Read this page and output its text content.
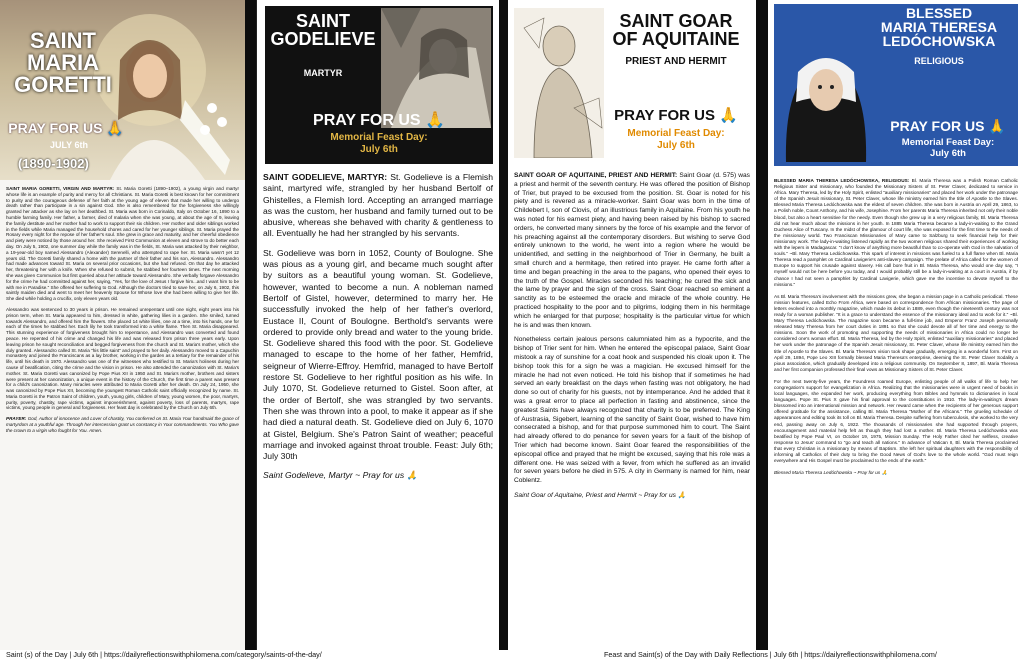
SAINT
MARIA
GORETTI
PRAY FOR US 🙏
JULY 6th
(1890-1902)

SAINT MARIA GORETTI, VIRGIN AND MARTYR: St. Maria Goretti (1890–1902), a young virgin and martyr whose life is an example of purity and mercy for all Christians. St. Maria Goretti is best known for her commitment to purity and the courageous defense of her faith at the young age of eleven that made her willing to undergo death rather than participate in a sin against God. She is also remembered for the forgiveness she willingly granted her attacker as she lay on her deathbed. St. Maria was born in Corinaldo, Italy on October 16, 1890 to a humble farming family. Her father, a farmer, died of malaria when she was young, at about the age of 9, leaving the family destitute and her mother had to work to support their six children. Her mother and older siblings worked in the fields while Maria managed the household chores and cared for her younger siblings. St. Maria prayed the Rosary every night for the repose of her father's soul. She grew in grace and maturity, and her cheerful obedience and piety were noticed by those around her. She received First Communion at eleven and strove to do better each day. On July 5, 1902, one summer day while the family was in the fields, St. Maria was attacked by their neighbor, a 19-year-old boy named Alessandro (Alexander) Serenelli, who attempted to rape her. St. Maria wasn't yet 12 years old. The Goretti family shared a home with the partner of their father and his son, Alessandro. Alessandro had made advances toward St. Maria on several prior occasions, but she had refused. On that day he attacked her, threatening her with a knife. When she refused to submit, he stabbed her fourteen times. The next morning she was given Communion but first queried about her attitude toward Alessandro. She verbally forgave Alessandro for the crime he had committed against her, saying, "Yes, for the love of Jesus I forgive him...and I want him to be with me in Paradise." She offered her suffering to God. Although the doctors tried to save her, on July 6, 1902, this saintly maiden died and went to meet her heavenly Spouse for Whose love she had been willing to give her life. She died while holding a crucifix, only eleven years old.

Alessandro was sentenced to 30 years in prison. He remained unrepentant until one night, eight years into his prison term, when St. Maria appeared to him, dressed in white, gathering lilies in a garden. She smiled, turned towards Alessandro, and offered him the flowers. She placed 14 white lilies, one at a time, into his hands, one for each of the times he stabbed her. Each lily he took transformed into a white flame. Then St. Maria disappeared. This stunning experience of forgiveness brought him to repentance, and Alessandro was converted and found peace. He repented of his crime and changed his life and was released from prison three years early. Upon leaving prison he sought reconciliation and begged forgiveness from the church and St. Maria's mother, which she duly granted. Alessandro called St. Maria "his little saint" and prayed to her daily. Alessandro moved to a Capuchin monastery and joined the Franciscans as a lay brother, working in the garden as a tertiary for the remainder of his life, until his death in 1970. Alessandro was one of the witnesses who testified to St. Maria's holiness during her cause of beatification, citing the crime and the vision in prison. He also attended the canonization with St. Maria's mother. St. Maria Goretti was canonized by Pope Pius XII in 1950 and St. Maria's mother, brothers and sisters were present at her canonization, a unique event in the history of the Church, the first time a parent was present for a child's canonization. Many miracles were attributed to Maria Goretti after her death. On July 24, 1950, she was canonized by Pope Pius XII, becoming the youngest Roman Catholic saint officially recognized by name. St. Maria Goretti is the Patron Saint of children, youth, young girls, children of Mary, young women, the poor, martyrs, purity, poverty, chastity, rape victims, against impoverishment, against poverty, loss of parents, martyrs, rape victims, young people in general and forgiveness. Her feast day is celebrated by the Church on July 6th.

PRAYER: God, Author of innocence and Lover of chastity, You conferred on St. Maria Your handmaid the grace of martyrdom at a youthful age. Through her intercession grant us constancy in Your commandments. You Who gave the crown to a virgin who fought for You. Amen.

SAINT
GODELIEVE
MARTYR
PRAY FOR US 🙏
Memorial Feast Day:
July 6th

SAINT GODELIEVE, MARTYR: St. Godelieve is a Flemish saint, martyred wife, strangled by her husband Bertolf of Ghistelles, a Flemish lord. Accepting an arranged marriage as was the custom, her husband and family turned out to be abusive, whereas she behaved with charity & gentleness to all. Eventually he had her strangled by his servants.

St. Godelieve was born in 1052, County of Boulogne. She was pious as a young girl, and became much sought after by suitors as a beautiful young woman. St. Godelieve, however, wanted to become a nun. A nobleman named Bertolf of Gistel, however, determined to marry her. He successfully invoked the help of her father's overlord, Eustace II, Count of Boulogne. Berthold's servants were ordered to provide only bread and water to the young bride. St. Godelieve shared this food with the poor. St. Godelieve managed to escape to the home of her father, Hemfrid, seigneur of Wierre-Effroy. Hemfrid, managed to have Bertolf restore St. Godelieve to her rightful position as his wife. In July 1070, St. Godelieve returned to Gistel. Soon after, at the order of Bertolf, she was strangled by two servants. Then she was thrown into a pool, to make it appear as if she had died a natural death. St. Godelieve died on July 6, 1070 at Gistel, Belgium. She's Patron Saint of weather; peaceful marriage and invoked against throat trouble. Feast: July 6th; July 30th

Saint Godelieve, Martyr ~ Pray for us 🙏

SAINT GOAR
OF AQUITAINE
PRIEST AND HERMIT
PRAY FOR US 🙏
Memorial Feast Day:
July 6th

SAINT GOAR OF AQUITAINE, PRIEST AND HERMIT: Saint Goar (d. 575) was a priest and hermit of the seventh century. He was offered the position of Bishop of Trier, but prayed to be excused from the position. St. Goar is noted for his piety and is revered as a miracle-worker. Saint Goar was born in the time of Childebert I, son of Clovis, of an illustrious family in Aquitaine. From his youth he was noted for his earnest piety, and having been raised by his bishop to sacred orders, he converted many sinners by the force of his example and the fervor of his preaching against all the contemporary disorders. But wishing to serve God entirely unknown to the world, he went into a region where he would be unidentified, and settling in the neighborhood of Trier in Germany, he built a small church and a hermitage, then retired into prayer. He came forth after a time and began preaching in the area to the pagans, who opened their eyes to the truth of the Gospel. Miracles seconded his teaching; he cured the sick and the lame by prayer and the sign of the cross. Saint Goar reached so eminent a sanctity as to be esteemed the oracle and miracle of the whole country. He practiced hospitality to the poor and to pilgrims, lodging them in his hermitage which he enlarged for that purpose; hospitality is the particular virtue for which he is and was then known.

Nonetheless certain jealous persons calumniated him as a hypocrite, and the bishop of Trier sent for him. When he entered the episcopal palace, Saint Goar mistook a ray of sunshine for a coat hook and suspended his cloak upon it. The bishop took this for a sign he was a magician. He excused himself for the miracle he had not even noticed. He told his bishop that if sometimes he had served an early breakfast on the days when fasting was not obligatory, he had done so out of charity for his guests, not by intemperance. And he added that it was a great error to place all perfection in fasting and abstinence, since the greatest Saints have always recognized that charity is to be preferred. The King of Austrasia, Sigebert, learning of the sanctity of Saint Goar, wished to have him consecrated a bishop, and for that purpose summoned him to court. The Saint had already offered to do penance for seven years for a fault of the bishop of Trier which had become known. Saint Goar feared the responsibilities of the episcopal office and prayed that he might be excused, saying that his role was a different one. He was seized with a fever, from which he suffered as an invalid for seven years before he died in 575. A city in Germany is named for him, near Coblentz.

Saint Goar of Aquitaine, Priest and Hermit ~ Pray for us 🙏

BLESSED
MARIA THERESA
LEDÓCHOWSKA
RELIGIOUS
PRAY FOR US 🙏
Memorial Feast Day:
July 6th

BLESSED MARIA THERESA LEDÓCHOWSKA, RELIGIOUS: Bl. Maria Theresa was a Polish Roman Catholic Religious Sister and missionary, who founded the Missionary Sisters of St. Peter Claver, dedicated to service in Africa. Mary Theresa, led by the Holy Spirit, enlisted "auxiliary missionaries" and placed her work under the patronage of the Spanish Jesuit missionary, St. Peter Claver, whose life ministry earned him the title of Apostle to the Slaves. Blessed Maria Theresa Ledóchowska was the eldest of seven children. She was born in Austria on April 29, 1863, to a Polish noble, Count Anthony, and his wife, Josephine. From her parents Maria Theresa inherited not only their noble blood, but also a heart sensitive for the needy. Even though she grew up in a very religious family, Bl. Maria Theresa did not hear much about the missions in her youth. In 1885 Maria Theresa became a lady-in-waiting to the Grand Duchess Alice of Tuscany. In the midst of the glamour of court life, she was exposed for the first time to the needs of the missionary world. Two Franciscan Missionaries of Mary came to Salzburg to seek financial help for their missionary work. The lady-in-waiting listened rapidly as the two women religious shared their experiences of working with the lepers in Madagascar. "I don't know of anything more beautiful than to co-operate with God in the salvation of souls." ~Bl. Mary Theresa Ledóchowska. This spark of interest in missions was fueled to a full flame when Bl. Maria Theresa read a pamphlet on Cardinal Lavigerie's anti-slavery campaign. The prelate of Africa called for the women of Europe to support his crusade against slavery. His call bore fruit in Bl. Maria Theresa, who would one day say, "I myself would not be here before you today, and I would probably still be a lady-in-waiting at a court in Austria, if by chance I had not seen a pamphlet by Cardinal Lavigerie, which gave me the incentive to devote myself to the missions."

As Bl. Maria Theresa's involvement with the missions grew, she began a mission page in a Catholic periodical. These mission features, called Echo From Africa, were based on correspondence from African missionaries. The page of letters evolved into a monthly magazine, which made its debut in 1889, even though the nineteenth century was not ready for a woman publisher. "It is a grace to understand the essence of the missionary ideal and to work for it." ~Bl. Mary Theresa Ledóchowska. The magazine soon became a full-time job, and Emperor Franz Joseph personally released Mary Theresa from her court duties in 1891 so that she could devote all of her time and energy to the missions. Soon the work of promoting and supporting the needs of missionaries in Africa could no longer be considered one's woman effort. Bl. Maria Theresa, led by the Holy Spirit, enlisted "auxiliary missionaries" and placed her work under the patronage of the Spanish Jesuit missionary, St. Peter Claver, whose life ministry earned him the title of Apostle to the Slaves. Bl. Maria Theresa's vision took shape gradually, emerging in a wonderful form. First on April 29, 1894, Pope Leo XIII formally blessed Maria Theresa's enterprise, deeming the St. Peter Claver Sodality a pious association, which gradually developed into a religious community. On September 8, 1897, Bl. Maria Theresa and her first companion professed their final vows as Missionary Sisters of St. Peter Claver.

For the next twenty-five years, the Foundress roamed Europe, enlisting people of all walks of life to help her congregation's support for evangelization in Africa. Realizing that the missionaries were in urgent need of books in local languages, she expanded her work, producing everything from Bibles and hymnals to dictionaries in local languages. Pope St. Pius X gave his final approval to the constitutions in 1910. The lady-in-waiting's dream blossomed into an international mission and network. Her reward came when the recipients of her generous support offered gratitude for the assistance, calling Bl. Maria Theresa "Mother of the Africans." The grueling schedule of appearances and editing took its toll on Bl. Maria Theresa. Despite suffering from tuberculosis, she worked to the very end, passing away on July 6, 1922. The thousands of missionaries she had supported through prayers, encouragement and material help felt as though they had lost a mother. Bl. Maria Theresa Ledóchowska was beatified by Pope Paul VI, on October 19, 1975, Mission Sunday. The Holy Father cited her selfless, creative response to Jesus' command to "go and teach all nations." In advance of Vatican II, Bl. Maria Theresa proclaimed that every Christian is a missionary by means of Baptism. She left her spiritual daughters with the responsibility of informing all Catholics of their duty to bring the Good News of God's love to the whole world. "God must reign everywhere and His Gospel must be proclaimed to the ends of the earth."

Blessed Maria Theresa Ledóchowska ~ Pray for us 🙏

Saint (s) of the Day | July 6th | https://dailyreflectionswithphilomena.com/category/saints-of-the-day/	Feast and Saint(s) of the Day with Daily Reflections | July 6th | https://dailyreflectionswithphilomena.com/
